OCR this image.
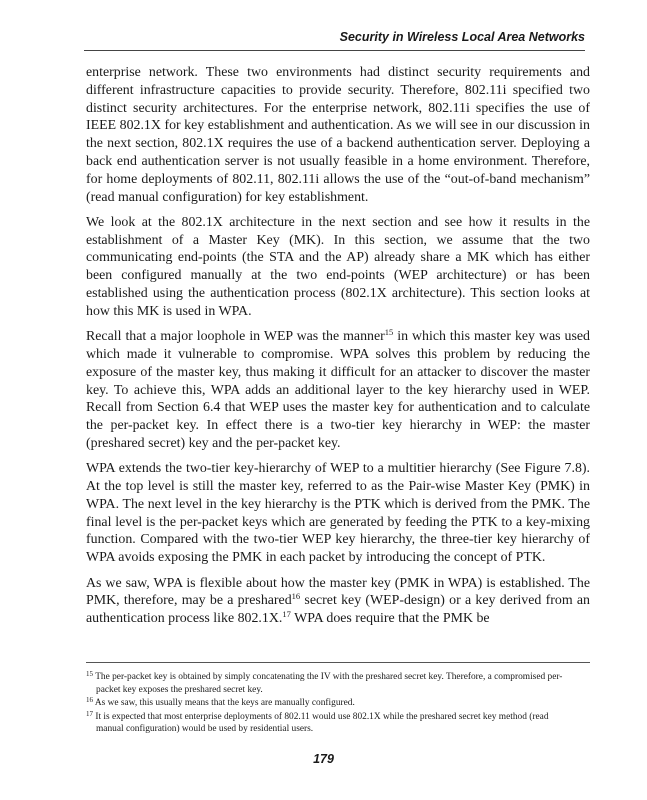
Security in Wireless Local Area Networks

enterprise network. These two environments had distinct security requirements and different infrastructure capacities to provide security. Therefore, 802.11i specified two distinct security architectures. For the enterprise network, 802.11i specifies the use of IEEE 802.1X for key establishment and authentication. As we will see in our discussion in the next section, 802.1X requires the use of a backend authentication server. Deploying a back end authentication server is not usually feasible in a home environment. Therefore, for home deployments of 802.11, 802.11i allows the use of the “out-of-band mechanism” (read manual configuration) for key establishment.

We look at the 802.1X architecture in the next section and see how it results in the establishment of a Master Key (MK). In this section, we assume that the two communicating end-points (the STA and the AP) already share a MK which has either been configured manually at the two end-points (WEP architecture) or has been established using the authentication process (802.1X architecture). This section looks at how this MK is used in WPA.

Recall that a major loophole in WEP was the manner$^{15}$ in which this master key was used which made it vulnerable to compromise. WPA solves this problem by reducing the exposure of the master key, thus making it difficult for an attacker to discover the master key. To achieve this, WPA adds an additional layer to the key hierarchy used in WEP. Recall from Section 6.4 that WEP uses the master key for authentication and to calculate the per-packet key. In effect there is a two-tier key hierarchy in WEP: the master (preshared secret) key and the per-packet key.

WPA extends the two-tier key-hierarchy of WEP to a multitier hierarchy (See Figure 7.8). At the top level is still the master key, referred to as the Pair-wise Master Key (PMK) in WPA. The next level in the key hierarchy is the PTK which is derived from the PMK. The final level is the per-packet keys which are generated by feeding the PTK to a key-mixing function. Compared with the two-tier WEP key hierarchy, the three-tier key hierarchy of WPA avoids exposing the PMK in each packet by introducing the concept of PTK.

As we saw, WPA is flexible about how the master key (PMK in WPA) is established. The PMK, therefore, may be a preshared$^{16}$ secret key (WEP-design) or a key derived from an authentication process like 802.1X.$^{17}$ WPA does require that the PMK be

$^{15}$ The per-packet key is obtained by simply concatenating the IV with the preshared secret key. Therefore, a compromised per-packet key exposes the preshared secret key.
$^{16}$ As we saw, this usually means that the keys are manually configured.
$^{17}$ It is expected that most enterprise deployments of 802.11 would use 802.1X while the preshared secret key method (read manual configuration) would be used by residential users.
179
